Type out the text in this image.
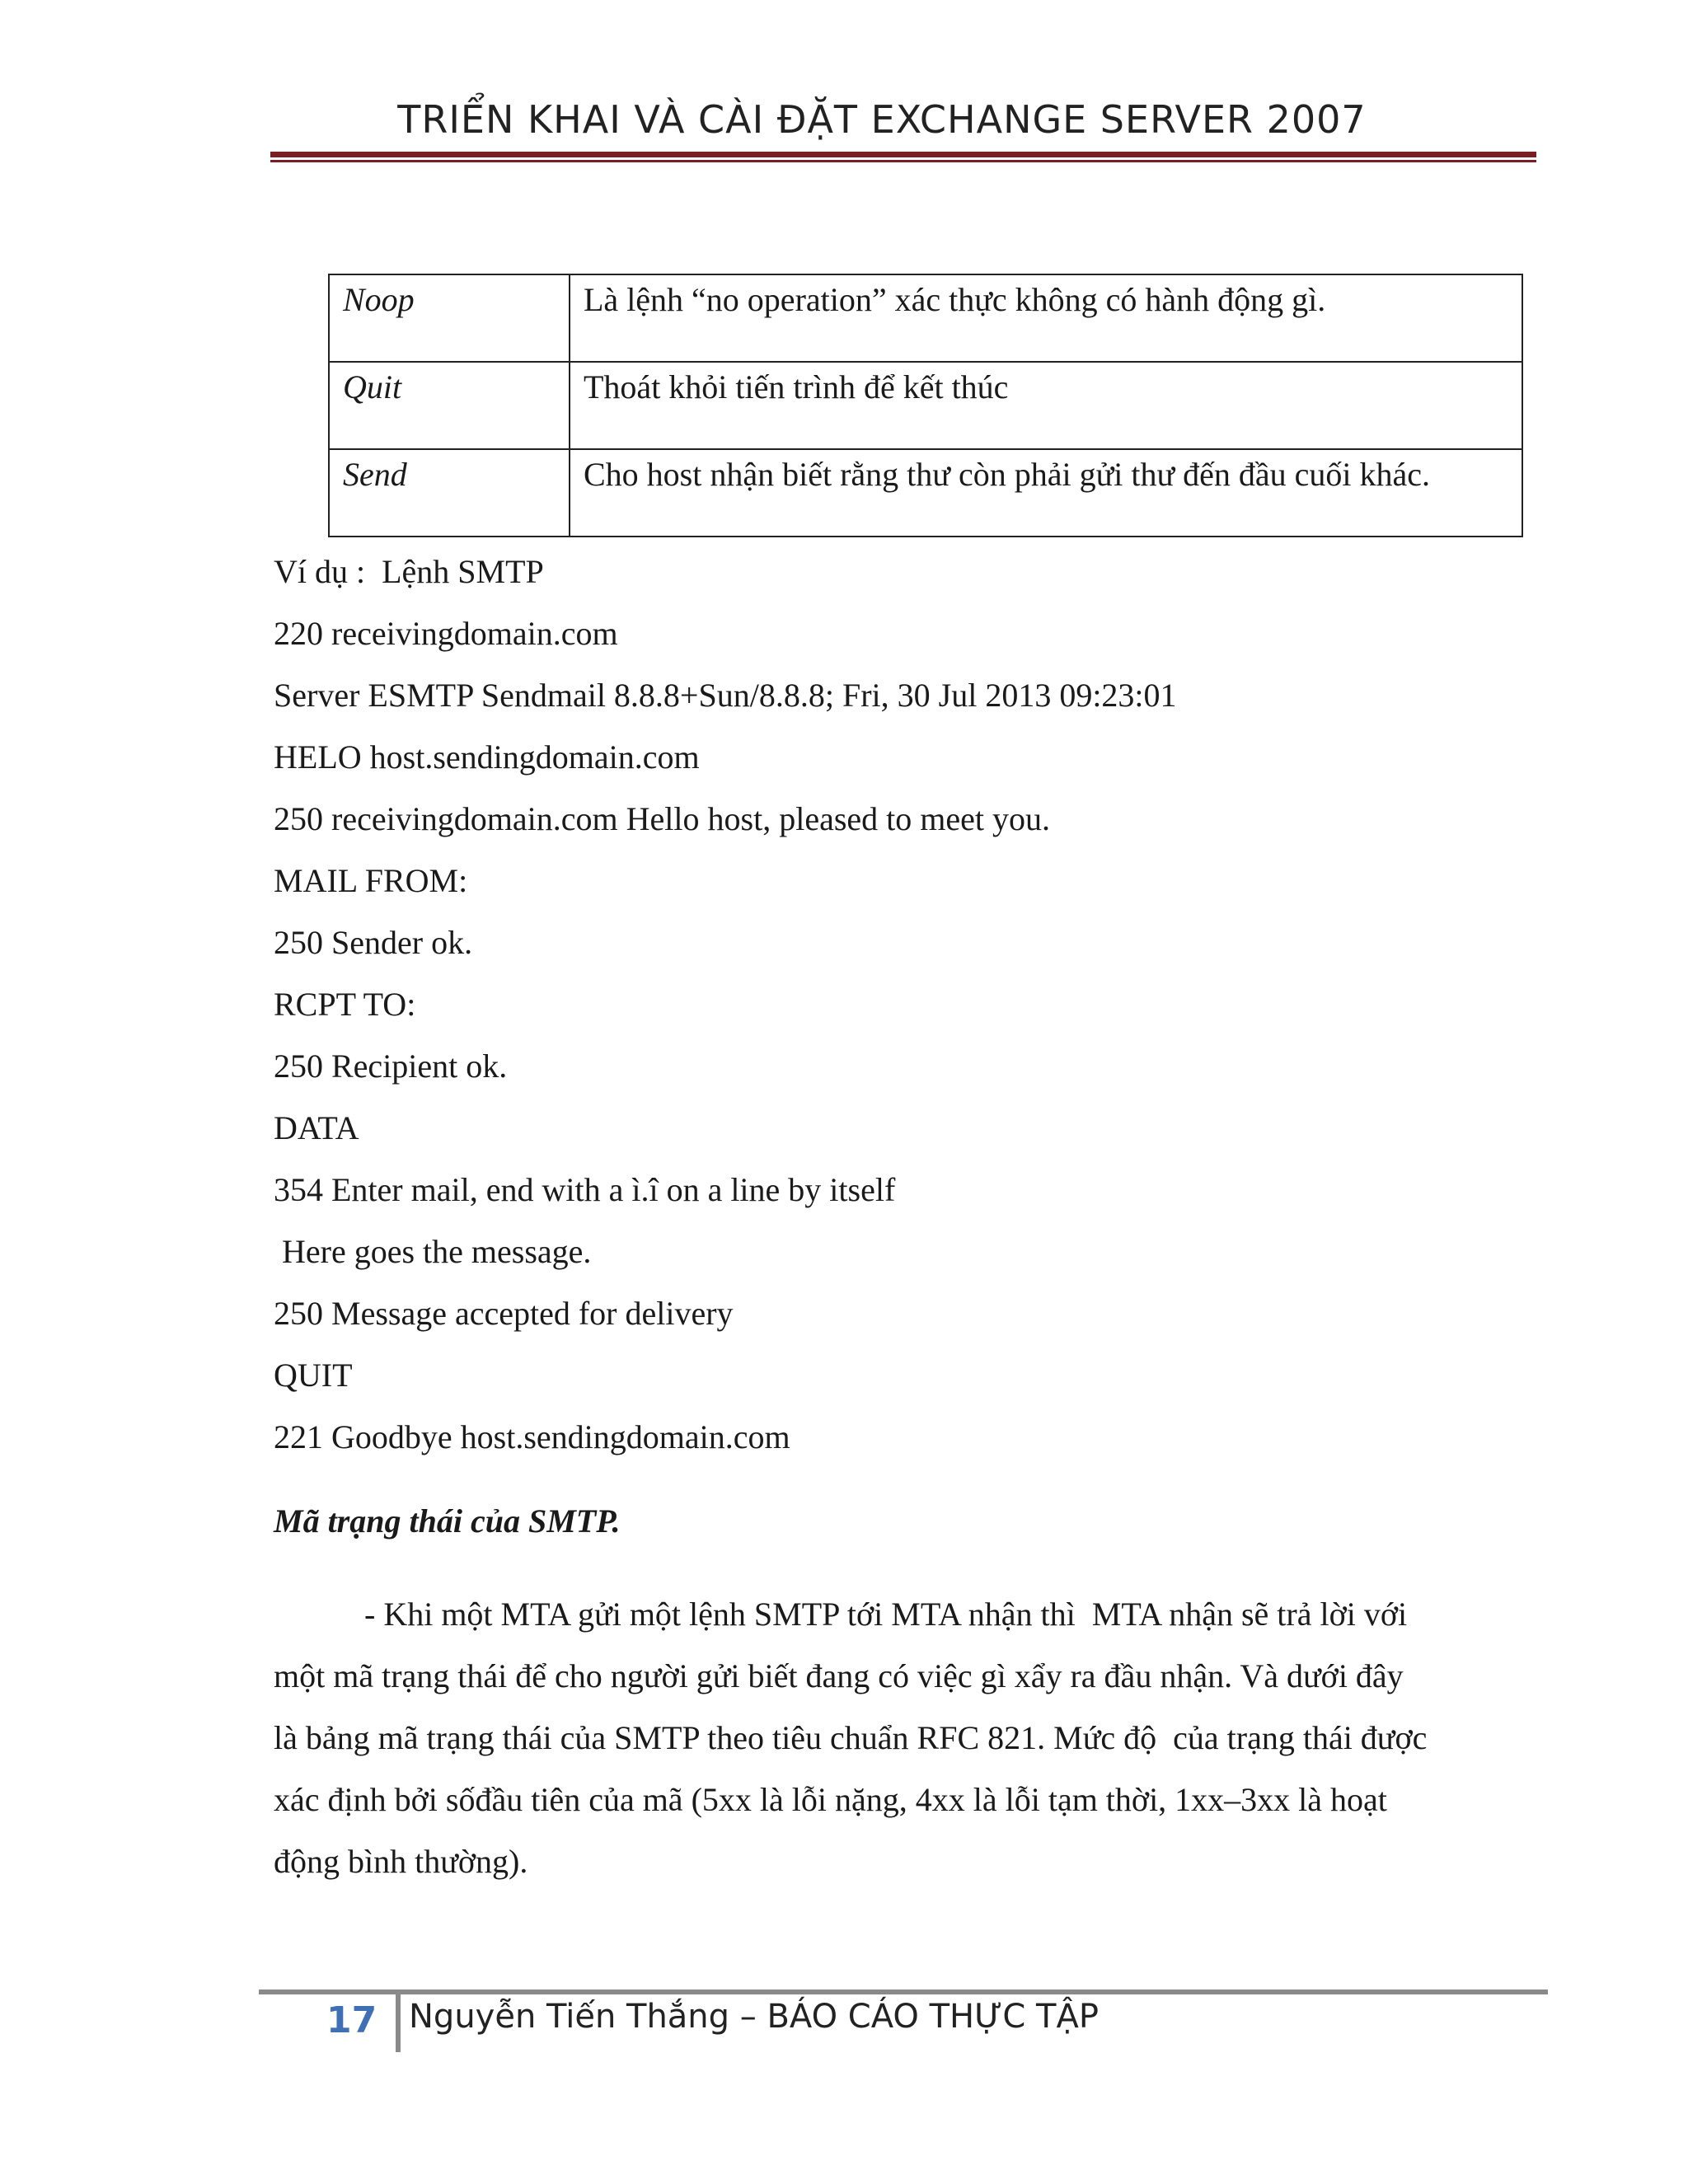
TRIỂN KHAI VÀ CÀI ĐẶT EXCHANGE SERVER 2007
Noop	Là lệnh “no operation” xác thực không có hành động gì.
Quit	Thoát khỏi tiến trình để kết thúc
Send	Cho host nhận biết rằng thư còn phải gửi thư đến đầu cuối khác.
Ví dụ :  Lệnh SMTP
220 receivingdomain.com
Server ESMTP Sendmail 8.8.8+Sun/8.8.8; Fri, 30 Jul 2013 09:23:01
HELO host.sendingdomain.com
250 receivingdomain.com Hello host, pleased to meet you.
MAIL FROM:
250 Sender ok.
RCPT TO:
250 Recipient ok.
DATA
354 Enter mail, end with a ì.î on a line by itself
Here goes the message.
250 Message accepted for delivery
QUIT
221 Goodbye host.sendingdomain.com
Mã trạng thái của SMTP.
- Khi một MTA gửi một lệnh SMTP tới MTA nhận thì  MTA nhận sẽ trả lời với
một mã trạng thái để cho người gửi biết đang có việc gì xẩy ra đầu nhận. Và dưới đây
là bảng mã trạng thái của SMTP theo tiêu chuẩn RFC 821. Mức độ  của trạng thái được
xác định bởi sốđầu tiên của mã (5xx là lỗi nặng, 4xx là lỗi tạm thời, 1xx–3xx là hoạt
động bình thường).
17 Nguyễn Tiến Thắng – BÁO CÁO THỰC TẬP
